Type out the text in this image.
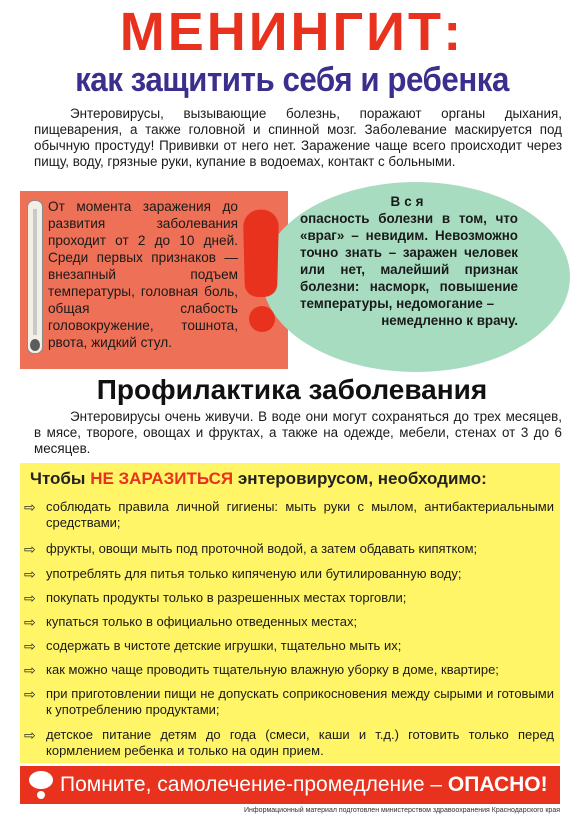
МЕНИНГИТ:
как защитить себя и ребенка

Энтеровирусы, вызывающие болезнь, поражают органы дыхания, пищеварения, а также головной и спинной мозг. Заболевание маскируется под обычную простуду! Прививки от него нет. Заражение чаще всего происходит через пищу, воду, грязные руки, купание в водоемах, контакт с больными.

От момента заражения до развития заболевания проходит от 2 до 10 дней. Среди первых признаков — внезапный подъем температуры, головная боль, общая слабость головокружение, тошнота, рвота, жидкий стул.
Вся
опасность болезни в том, что «враг» – невидим. Невозможно точно знать – заражен человек или нет, малейший признак болезни: насморк, повышение температуры, недомогание –
немедленно к врачу.
Профилактика заболевания

Энтеровирусы очень живучи. В воде они могут сохраняться до трех месяцев, в мясе, твороге, овощах и фруктах, а также на одежде, мебели, стенах от 3 до 6 месяцев.

Чтобы НЕ ЗАРАЗИТЬСЯ энтеровирусом, необходимо:
⇨ соблюдать правила личной гигиены: мыть руки с мылом, антибактериальными средствами;
⇨ фрукты, овощи мыть под проточной водой, а затем обдавать кипятком;
⇨ употреблять для питья только кипяченую или бутилированную воду;
⇨ покупать продукты только в разрешенных местах торговли;
⇨ купаться только в официально отведенных местах;
⇨ содержать в чистоте детские игрушки, тщательно мыть их;
⇨ как можно чаще проводить тщательную влажную уборку в доме, квартире;
⇨ при приготовлении пищи не допускать соприкосновения между сырыми и готовыми к употреблению продуктами;
⇨ детское питание детям до года (смеси, каши и т.д.) готовить только перед кормлением ребенка и только на один прием.
Помните, самолечение-промедление – ОПАСНО!
Информационный материал подготовлен министерством здравоохранения Краснодарского края
